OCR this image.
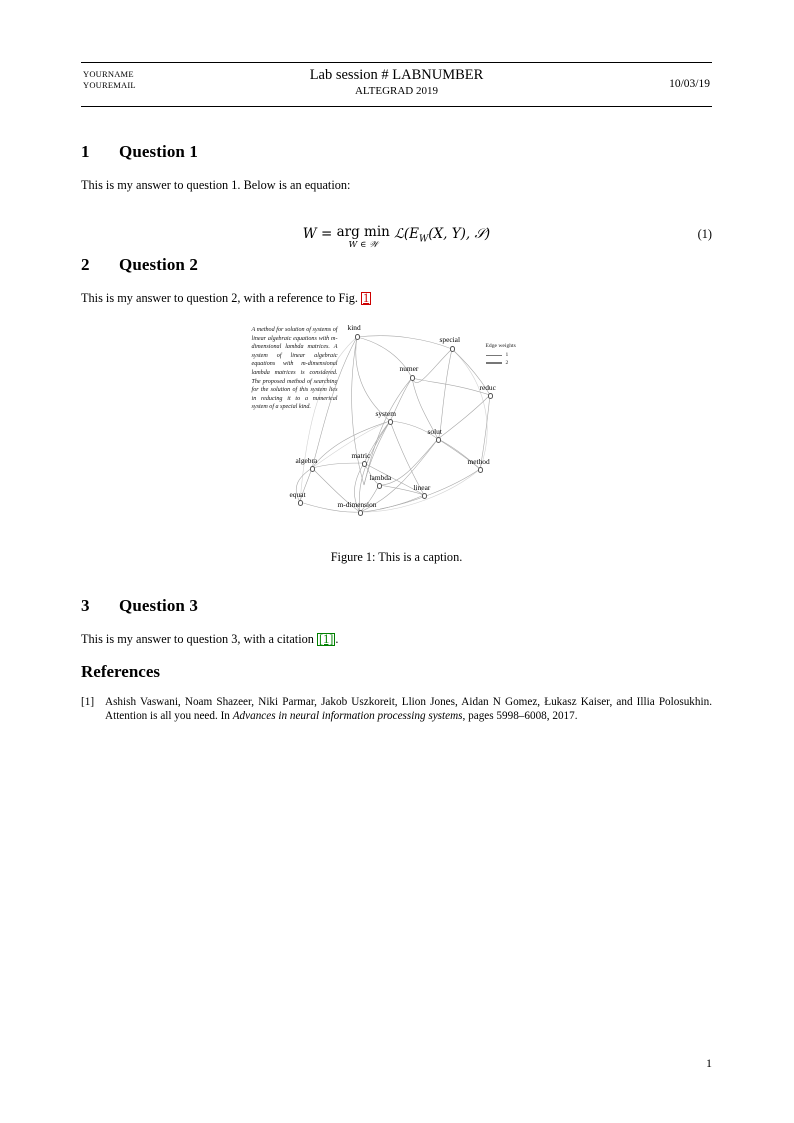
YOURNAME
YOUREMAIL
Lab session # LABNUMBER
ALTEGRAD 2019
10/03/19
1	Question 1

This is my answer to question 1. Below is an equation:

W = arg min
W ∈ 𝒲
$ℒ(E_W(X$, Y), 𝒮)	(1)
2	Question 2

This is my answer to question 2, with a reference to Fig. 1

A method for solution of systems of linear algebraic equations with m-dimensional lambda matrices. A system of linear algebraic equations with m-dimensional lambda matrices is considered. The proposed method of searching for the solution of this system lies in reducing it to a numerical system of a special kind.
Edge weights
1
2
kind
special
numer
reduc
system
solut
algebra
matric
method
lambda
linear
equat
m-dimension
Figure 1: This is a caption.
3	Question 3

This is my answer to question 3, with a citation [1] .

References
[1] Ashish Vaswani, Noam Shazeer, Niki Parmar, Jakob Uszkoreit, Llion Jones, Aidan N Gomez, Łukasz Kaiser, and Illia Polosukhin. Attention is all you need. In Advances in neural information processing systems, pages 5998–6008, 2017.
1
